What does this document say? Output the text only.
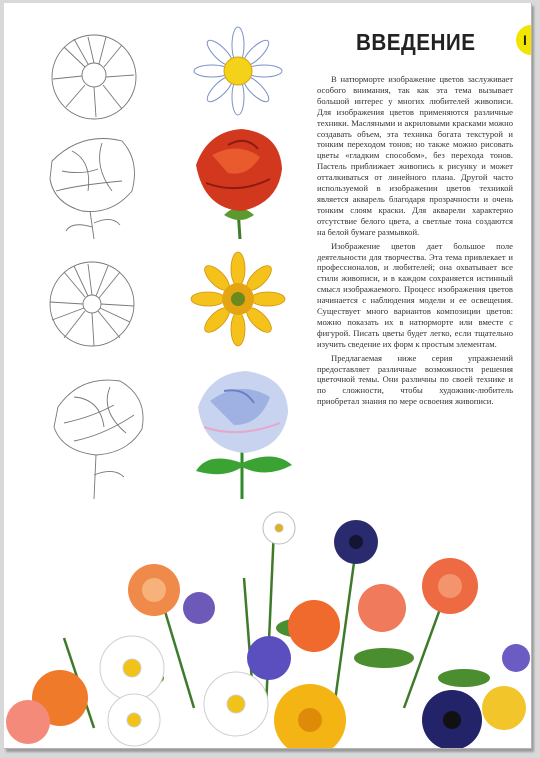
ВВЕДЕНИЕ	I

В натюрморте изображение цветов заслуживает особого внимания, так как эта тема вызывает большой интерес у многих любителей живописи. Для изображения цветов применяются различные техники. Масляными и акриловыми красками можно создавать объем, эта техника богата текстурой и тонким переходом тонов; но также можно рисовать цветы «гладким способом», без перехода тонов. Пастель приближает живопись к рисунку и может отталкиваться от линейного плана. Другой часто используемой в изображении цветов техникой является акварель благодаря прозрачности и очень тонким слоям краски. Для акварели характерно отсутствие белого цвета, а светлые тона создаются на белой бумаге размывкой.

Изображение цветов дает большое поле деятельности для творчества. Эта тема привлекает и профессионалов, и любителей; она охватывает все стили живописи, и в каждом сохраняется истинный смысл изображаемого. Процесс изображения цветов начинается с наблюдения модели и ее освещения. Существует много вариантов композиции цветов: можно показать их в натюрморте или вместе с фигурой. Писать цветы будет легко, если тщательно изучить сведение их форм к простым элементам.

Предлагаемая ниже серия упражнений предоставляет различные возможности решения цветочной темы. Они различны по своей технике и по сложности, чтобы художник-любитель приобретал знания по мере освоения живописи.
